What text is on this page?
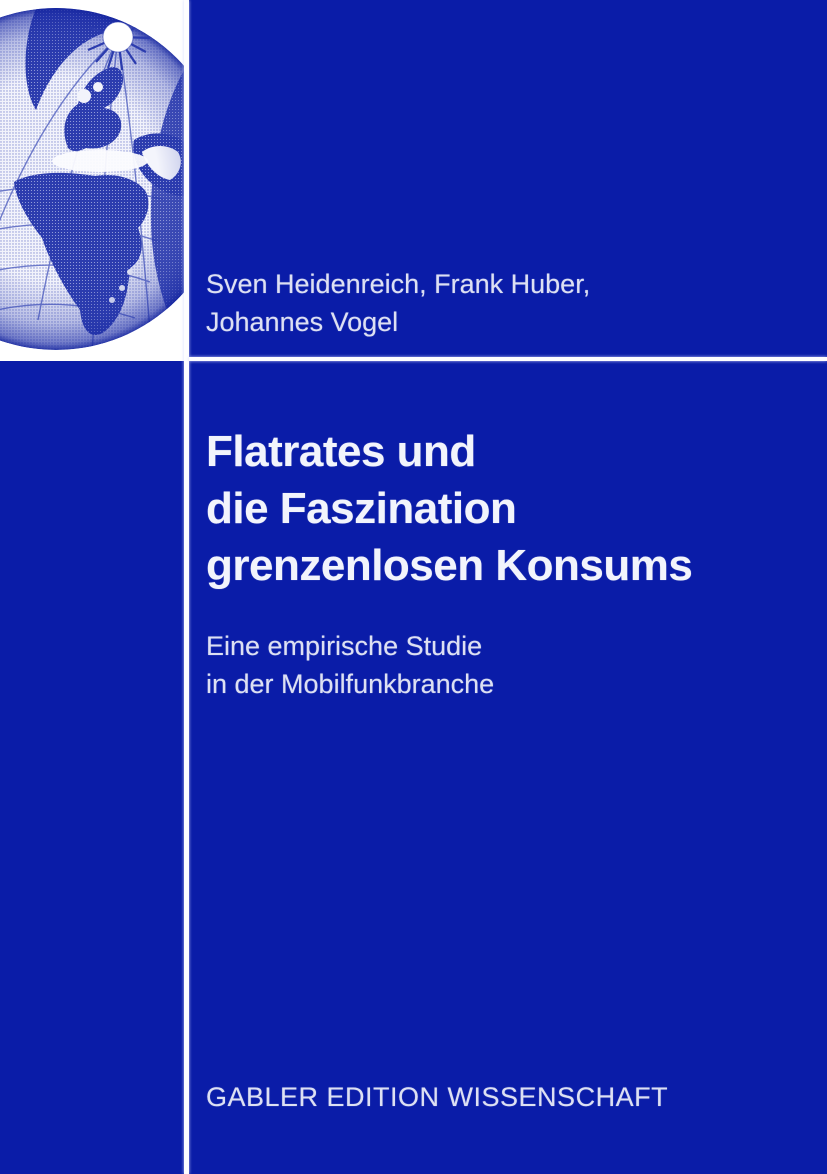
Sven Heidenreich, Frank Huber,
Johannes Vogel
Flatrates und
die Faszination
grenzenlosen Konsums
Eine empirische Studie
in der Mobilfunkbranche
GABLER EDITION WISSENSCHAFT
